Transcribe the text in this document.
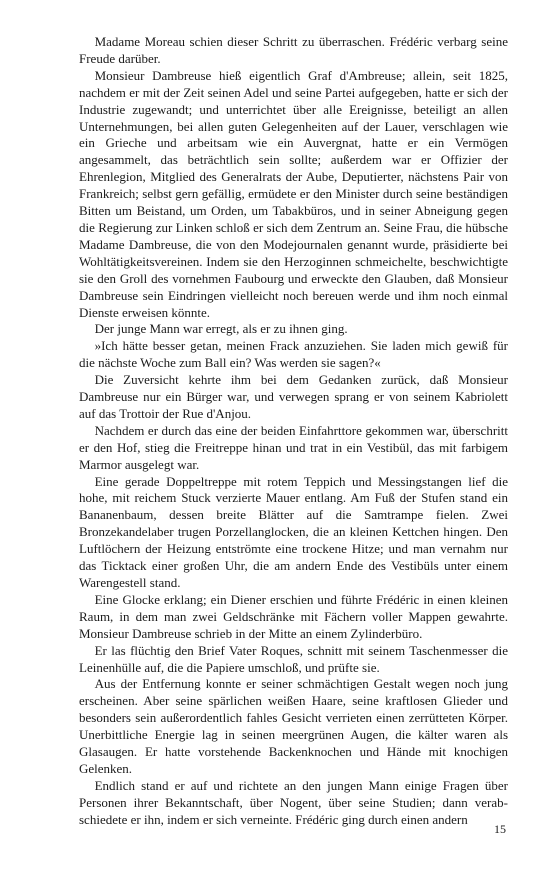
Madame Moreau schien dieser Schritt zu überraschen. Frédéric verbarg seine Freude darüber.

Monsieur Dambreuse hieß eigentlich Graf d'Ambreuse; allein, seit 1825, nachdem er mit der Zeit seinen Adel und seine Partei aufgegeben, hatte er sich der Industrie zugewandt; und unterrichtet über alle Ereignisse, beteiligt an allen Unternehmungen, bei allen guten Gelegenheiten auf der Lauer, verschlagen wie ein Grieche und arbeitsam wie ein Auvergnat, hatte er ein Vermögen angesammelt, das beträchtlich sein sollte; außerdem war er Offizier der Ehrenlegion, Mitglied des Generalrats der Aube, Deputierter, nächstens Pair von Frankreich; selbst gern gefällig, ermüdete er den Minister durch seine beständigen Bitten um Beistand, um Orden, um Tabakbüros, und in seiner Abneigung gegen die Regierung zur Linken schloß er sich dem Zentrum an. Seine Frau, die hübsche Madame Dambreuse, die von den Modejournalen genannt wurde, präsidierte bei Wohltätigkeitsvereinen. Indem sie den Herzoginnen schmeichelte, beschwichtigte sie den Groll des vornehmen Faubourg und erweckte den Glauben, daß Monsieur Dambreuse sein Eindringen vielleicht noch bereuen werde und ihm noch einmal Dienste erweisen könnte.

Der junge Mann war erregt, als er zu ihnen ging.

»Ich hätte besser getan, meinen Frack anzuziehen. Sie laden mich gewiß für die nächste Woche zum Ball ein? Was werden sie sagen?«

Die Zuversicht kehrte ihm bei dem Gedanken zurück, daß Monsieur Dambreuse nur ein Bürger war, und verwegen sprang er von seinem Kabriolett auf das Trottoir der Rue d'Anjou.

Nachdem er durch das eine der beiden Einfahrttore gekommen war, überschritt er den Hof, stieg die Freitreppe hinan und trat in ein Vestibül, das mit farbigem Marmor ausgelegt war.

Eine gerade Doppeltreppe mit rotem Teppich und Messingstangen lief die hohe, mit reichem Stuck verzierte Mauer entlang. Am Fuß der Stufen stand ein Bananenbaum, dessen breite Blätter auf die Samtrampe fielen. Zwei Bronzekandelaber trugen Porzellanglocken, die an kleinen Kettchen hingen. Den Luftlöchern der Heizung entströmte eine trockene Hitze; und man vernahm nur das Ticktack einer großen Uhr, die am andern Ende des Vestibüls unter einem Warengestell stand.

Eine Glocke erklang; ein Diener erschien und führte Frédéric in einen kleinen Raum, in dem man zwei Geldschränke mit Fächern voller Mappen gewahrte. Monsieur Dambreuse schrieb in der Mitte an einem Zylinderbüro.

Er las flüchtig den Brief Vater Roques, schnitt mit seinem Taschenmesser die Leinenhülle auf, die die Papiere umschloß, und prüfte sie.

Aus der Entfernung konnte er seiner schmächtigen Gestalt wegen noch jung erscheinen. Aber seine spärlichen weißen Haare, seine kraftlosen Glieder und besonders sein außerordentlich fahles Gesicht verrieten einen zerrütteten Körper. Unerbittliche Energie lag in seinen meergrünen Augen, die kälter waren als Glasaugen. Er hatte vorstehende Backenknochen und Hände mit knochigen Gelenken.

Endlich stand er auf und richtete an den jungen Mann einige Fragen über Personen ihrer Bekanntschaft, über Nogent, über seine Studien; dann verabschiedete er ihn, indem er sich verneinte. Frédéric ging durch einen andern

15
